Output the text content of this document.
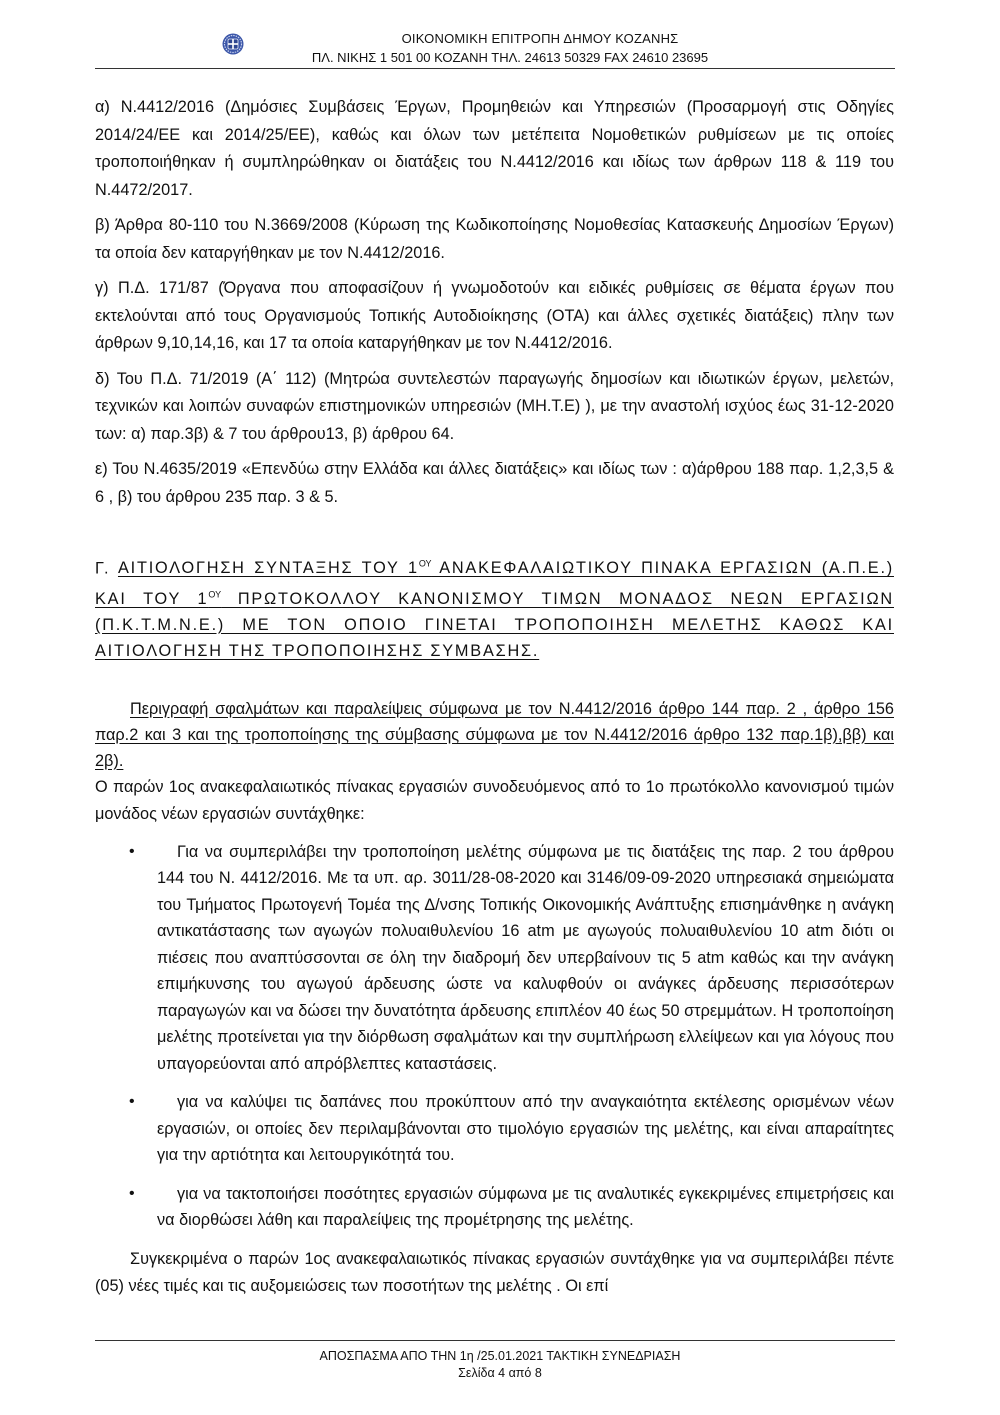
ΟΙΚΟΝΟΜΙΚΗ ΕΠΙΤΡΟΠΗ ΔΗΜΟΥ ΚΟΖΑΝΗΣ
ΠΛ. ΝΙΚΗΣ 1 501 00 ΚΟΖΑΝΗ ΤΗΛ. 24613 50329 FAX 24610 23695

α) Ν.4412/2016 (Δημόσιες Συμβάσεις Έργων, Προμηθειών και Υπηρεσιών (Προσαρμογή στις Οδηγίες 2014/24/ΕΕ και 2014/25/ΕΕ), καθώς και όλων των μετέπειτα Νομοθετικών ρυθμίσεων με τις οποίες τροποποιήθηκαν ή συμπληρώθηκαν οι διατάξεις του Ν.4412/2016 και ιδίως των άρθρων 118 & 119 του Ν.4472/2017.

β) Άρθρα 80-110 του Ν.3669/2008 (Κύρωση της Κωδικοποίησης Νομοθεσίας Κατασκευής Δημοσίων Έργων) τα οποία δεν καταργήθηκαν με τον Ν.4412/2016.

γ) Π.Δ. 171/87 (Όργανα που αποφασίζουν ή γνωμοδοτούν και ειδικές ρυθμίσεις σε θέματα έργων που εκτελούνται από τους Οργανισμούς Τοπικής Αυτοδιοίκησης (ΟΤΑ) και άλλες σχετικές διατάξεις) πλην των άρθρων 9,10,14,16, και 17 τα οποία καταργήθηκαν με τον Ν.4412/2016.

δ) Του Π.Δ. 71/2019 (Α΄ 112) (Μητρώα συντελεστών παραγωγής δημοσίων και ιδιωτικών έργων, μελετών, τεχνικών και λοιπών συναφών επιστημονικών υπηρεσιών (ΜΗ.Τ.Ε) ), με την αναστολή ισχύος έως 31-12-2020 των: α) παρ.3β) & 7 του άρθρου13, β) άρθρου 64.

ε) Του Ν.4635/2019 «Επενδύω στην Ελλάδα και άλλες διατάξεις» και ιδίως των : α)άρθρου 188 παρ. 1,2,3,5 & 6 , β) του άρθρου 235 παρ. 3 & 5.

Γ. ΑΙΤΙΟΛΟΓΗΣΗ ΣΥΝΤΑΞΗΣ ΤΟΥ $1^{O\Upsilon}$ ΑΝΑΚΕΦΑΛΑΙΩΤΙΚΟΥ ΠΙΝΑΚΑ ΕΡΓΑΣΙΩΝ (Α.Π.Ε.) ΚΑΙ ΤΟΥ $1^{O\Upsilon}$ ΠΡΩΤΟΚΟΛΛΟΥ ΚΑΝΟΝΙΣΜΟΥ ΤΙΜΩΝ ΜΟΝΑΔΟΣ ΝΕΩΝ ΕΡΓΑΣΙΩΝ (Π.Κ.Τ.Μ.Ν.Ε.) ΜΕ ΤΟΝ ΟΠΟΙΟ ΓΙΝΕΤΑΙ ΤΡΟΠΟΠΟΙΗΣΗ ΜΕΛΕΤΗΣ ΚΑΘΩΣ ΚΑΙ ΑΙΤΙΟΛΟΓΗΣΗ ΤΗΣ ΤΡΟΠΟΠΟΙΗΣΗΣ ΣΥΜΒΑΣΗΣ.

Περιγραφή σφαλμάτων και παραλείψεις σύμφωνα με τον Ν.4412/2016 άρθρο 144 παρ. 2 , άρθρο 156 παρ.2 και 3 και της τροποποίησης της σύμβασης σύμφωνα με τον Ν.4412/2016 άρθρο 132 παρ.1β),ββ) και 2β).

Ο παρών 1ος ανακεφαλαιωτικός πίνακας εργασιών συνοδευόμενος από το 1ο πρωτόκολλο κανονισμού τιμών μονάδος νέων εργασιών συντάχθηκε:

•	Για να συμπεριλάβει την τροποποίηση μελέτης σύμφωνα με τις διατάξεις της παρ. 2 του άρθρου 144 του Ν. 4412/2016. Με τα υπ. αρ. 3011/28-08-2020 και 3146/09-09-2020 υπηρεσιακά σημειώματα του Τμήματος Πρωτογενή Τομέα της Δ/νσης Τοπικής Οικονομικής Ανάπτυξης επισημάνθηκε η ανάγκη αντικατάστασης των αγωγών πολυαιθυλενίου 16 atm με αγωγούς πολυαιθυλενίου 10 atm διότι οι πιέσεις που αναπτύσσονται σε όλη την διαδρομή δεν υπερβαίνουν τις 5 atm καθώς και την ανάγκη επιμήκυνσης του αγωγού άρδευσης ώστε να καλυφθούν οι ανάγκες άρδευσης περισσότερων παραγωγών και να δώσει την δυνατότητα άρδευσης επιπλέον 40 έως 50 στρεμμάτων. Η τροποποίηση μελέτης προτείνεται για την διόρθωση σφαλμάτων και την συμπλήρωση ελλείψεων και για λόγους που υπαγορεύονται από απρόβλεπτες καταστάσεις.
•	για να καλύψει τις δαπάνες που προκύπτουν από την αναγκαιότητα εκτέλεσης ορισμένων νέων εργασιών, οι οποίες δεν περιλαμβάνονται στο τιμολόγιο εργασιών της μελέτης, και είναι απαραίτητες για την αρτιότητα και λειτουργικότητά του.
•	για να τακτοποιήσει ποσότητες εργασιών σύμφωνα με τις αναλυτικές εγκεκριμένες επιμετρήσεις και να διορθώσει λάθη και παραλείψεις της προμέτρησης της μελέτης.

Συγκεκριμένα ο παρών 1ος ανακεφαλαιωτικός πίνακας εργασιών συντάχθηκε για να συμπεριλάβει πέντε (05) νέες τιμές και τις αυξομειώσεις των ποσοτήτων της μελέτης . Οι επί

ΑΠΟΣΠΑΣΜΑ ΑΠΟ ΤΗΝ 1η /25.01.2021 ΤΑΚΤΙΚΗ ΣΥΝΕΔΡΙΑΣΗ
Σελίδα 4 από 8
